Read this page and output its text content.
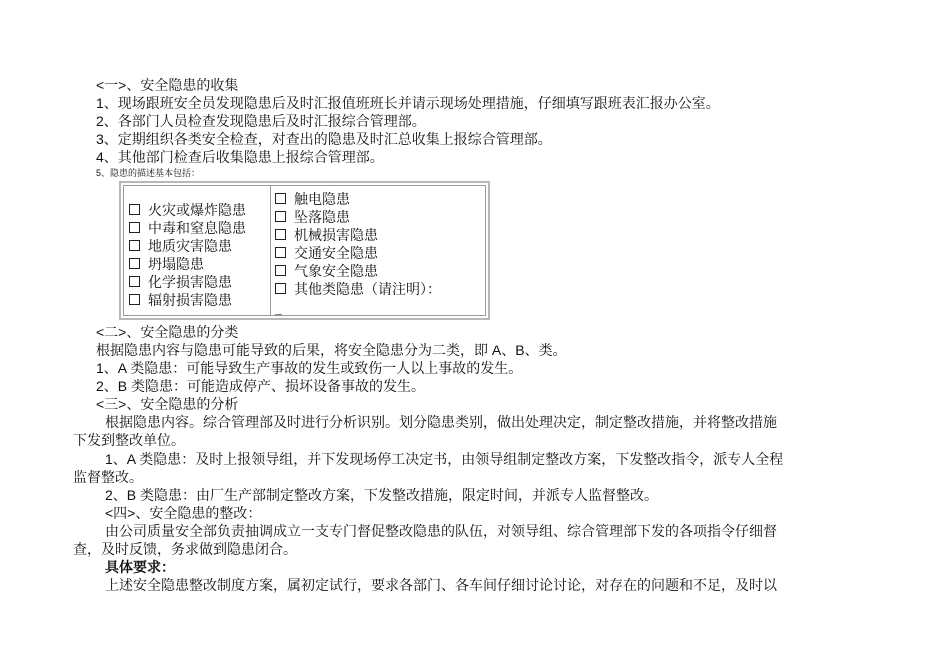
<一>、安全隐患的收集
1、现场跟班安全员发现隐患后及时汇报值班班长并请示现场处理措施，仔细填写跟班表汇报办公室。
2、各部门人员检查发现隐患后及时汇报综合管理部。
3、定期组织各类安全检查，对查出的隐患及时汇总收集上报综合管理部。
4、其他部门检查后收集隐患上报综合管理部。
5、隐患的描述基本包括：
火灾或爆炸隐患
中毒和窒息隐患
地质灾害隐患
坍塌隐患
化学损害隐患
辐射损害隐患
触电隐患
坠落隐患
机械损害隐患
交通安全隐患
气象安全隐患
其他类隐患（请注明）：
_
<二>、安全隐患的分类
根据隐患内容与隐患可能导致的后果，将安全隐患分为二类，即 A、B、类。
1、A 类隐患：可能导致生产事故的发生或致伤一人以上事故的发生。
2、B 类隐患：可能造成停产、损坏设备事故的发生。
<三>、安全隐患的分析
根据隐患内容。综合管理部及时进行分析识别。划分隐患类别，做出处理决定，制定整改措施，并将整改措施
下发到整改单位。
1、A 类隐患：及时上报领导组，并下发现场停工决定书，由领导组制定整改方案，下发整改指令，派专人全程
监督整改。
2、B 类隐患：由厂生产部制定整改方案，下发整改措施，限定时间，并派专人监督整改。
<四>、安全隐患的整改：
由公司质量安全部负责抽调成立一支专门督促整改隐患的队伍，对领导组、综合管理部下发的各项指令仔细督
查，及时反馈，务求做到隐患闭合。
具体要求：
上述安全隐患整改制度方案，属初定试行，要求各部门、各车间仔细讨论讨论，对存在的问题和不足，及时以
